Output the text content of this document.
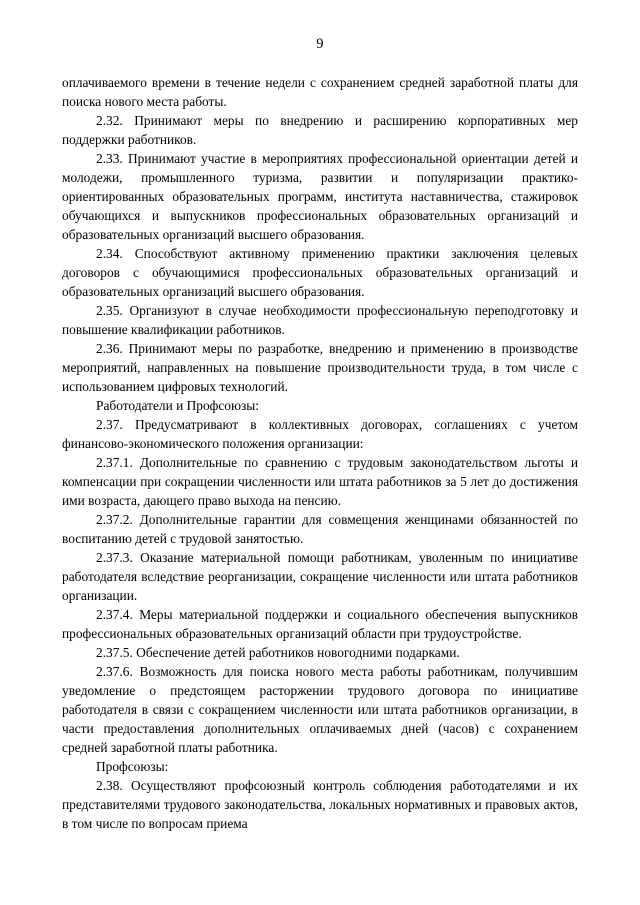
9

оплачиваемого времени в течение недели с сохранением средней заработной платы для поиска нового места работы.

2.32. Принимают меры по внедрению и расширению корпоративных мер поддержки работников.

2.33. Принимают участие в мероприятиях профессиональной ориентации детей и молодежи, промышленного туризма, развитии и популяризации практико-ориентированных образовательных программ, института наставничества, стажировок обучающихся и выпускников профессиональных образовательных организаций и образовательных организаций высшего образования.

2.34. Способствуют активному применению практики заключения целевых договоров с обучающимися профессиональных образовательных организаций и образовательных организаций высшего образования.

2.35. Организуют в случае необходимости профессиональную переподготовку и повышение квалификации работников.

2.36. Принимают меры по разработке, внедрению и применению в производстве мероприятий, направленных на повышение производительности труда, в том числе с использованием цифровых технологий.

Работодатели и Профсоюзы:

2.37. Предусматривают в коллективных договорах, соглашениях с учетом финансово-экономического положения организации:

2.37.1. Дополнительные по сравнению с трудовым законодательством льготы и компенсации при сокращении численности или штата работников за 5 лет до достижения ими возраста, дающего право выхода на пенсию.

2.37.2. Дополнительные гарантии для совмещения женщинами обязанностей по воспитанию детей с трудовой занятостью.

2.37.3. Оказание материальной помощи работникам, уволенным по инициативе работодателя вследствие реорганизации, сокращение численности или штата работников организации.

2.37.4. Меры материальной поддержки и социального обеспечения выпускников профессиональных образовательных организаций области при трудоустройстве.

2.37.5. Обеспечение детей работников новогодними подарками.

2.37.6. Возможность для поиска нового места работы работникам, получившим уведомление о предстоящем расторжении трудового договора по инициативе работодателя в связи с сокращением численности или штата работников организации, в части предоставления дополнительных оплачиваемых дней (часов) с сохранением средней заработной платы работника.

Профсоюзы:

2.38. Осуществляют профсоюзный контроль соблюдения работодателями и их представителями трудового законодательства, локальных нормативных и правовых актов, в том числе по вопросам приема
